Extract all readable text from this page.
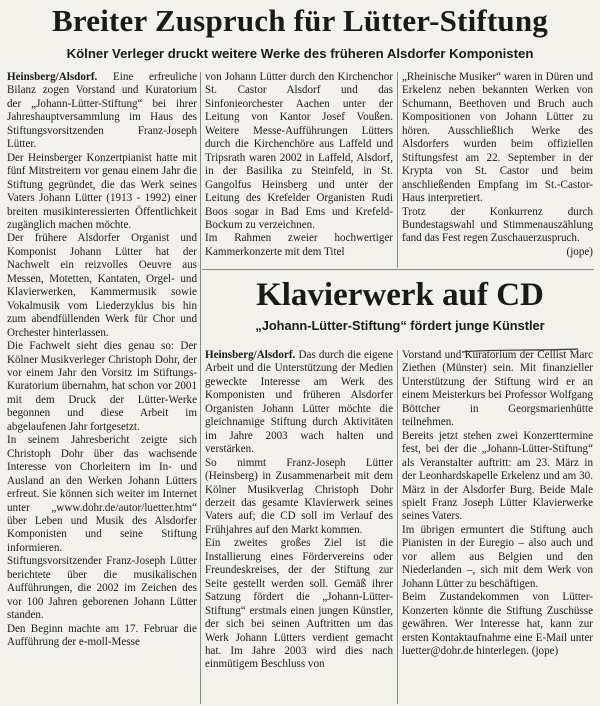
Breiter Zuspruch für Lütter-Stiftung
Kölner Verleger druckt weitere Werke des früheren Alsdorfer Komponisten

Heinsberg/Alsdorf. Eine erfreuliche Bilanz zogen Vorstand und Kuratorium der „Johann-Lütter-Stiftung“ bei ihrer Jahreshauptversammlung im Haus des Stiftungsvorsitzenden Franz-Joseph Lütter.

Der Heinsberger Konzertpianist hatte mit fünf Mitstreitern vor genau einem Jahr die Stiftung gegründet, die das Werk seines Vaters Johann Lütter (1913 - 1992) einer breiten musikinteressierten Öffentlichkeit zugänglich machen möchte.

Der frühere Alsdorfer Organist und Komponist Johann Lütter hat der Nachwelt ein reizvolles Oeuvre aus Messen, Motetten, Kantaten, Orgel- und Klavierwerken, Kammermusik sowie Vokalmusik vom Liederzyklus bis hin zum abendfüllenden Werk für Chor und Orchester hinterlassen.

Die Fachwelt sieht dies genau so: Der Kölner Musikverleger Christoph Dohr, der vor einem Jahr den Vorsitz im Stiftungs-Kuratorium übernahm, hat schon vor 2001 mit dem Druck der Lütter-Werke begonnen und diese Arbeit im abgelaufenen Jahr fortgesetzt.

In seinem Jahresbericht zeigte sich Christoph Dohr über das wachsende Interesse von Chorleitern im In- und Ausland an den Werken Johann Lütters erfreut. Sie können sich weiter im Internet unter „www.dohr.de/autor/luetter.htm“ über Leben und Musik des Alsdorfer Komponisten und seine Stiftung informieren.

Stiftungsvorsitzender Franz-Joseph Lütter berichtete über die musikalischen Aufführungen, die 2002 im Zeichen des vor 100 Jahren geborenen Johann Lütter standen.

Den Beginn machte am 17. Februar die Aufführung der e-moll-Messe

von Johann Lütter durch den Kirchenchor St. Castor Alsdorf und das Sinfonieorchester Aachen unter der Leitung von Kantor Josef Voußen. Weitere Messe-Aufführungen Lütters durch die Kirchenchöre aus Laffeld und Tripsrath waren 2002 in Laffeld, Alsdorf, in der Basilika zu Steinfeld, in St. Gangolfus Heinsberg und unter der Leitung des Krefelder Organisten Rudi Boos sogar in Bad Ems und Krefeld-Bockum zu verzeichnen.

Im Rahmen zweier hochwertiger Kammerkonzerte mit dem Titel

„Rheinische Musiker“ waren in Düren und Erkelenz neben bekannten Werken von Schumann, Beethoven und Bruch auch Kompositionen von Johann Lütter zu hören. Ausschließlich Werke des Alsdorfers wurden beim offiziellen Stiftungsfest am 22. September in der Krypta von St. Castor und beim anschließenden Empfang im St.-Castor-Haus interpretiert.

Trotz der Konkurrenz durch Bundestagswahl und Stimmenauszählung fand das Fest regen Zuschauerzuspruch.

(jope)

Klavierwerk auf CD
„Johann-Lütter-Stiftung“ fördert junge Künstler

Heinsberg/Alsdorf. Das durch die eigene Arbeit und die Unterstützung der Medien geweckte Interesse am Werk des Komponisten und früheren Alsdorfer Organisten Johann Lütter möchte die gleichnamige Stiftung durch Aktivitäten im Jahre 2003 wach halten und verstärken.

So nimmt Franz-Joseph Lütter (Heinsberg) in Zusammenarbeit mit dem Kölner Musikverlag Christoph Dohr derzeit das gesamte Klavierwerk seines Vaters auf; die CD soll im Verlauf des Frühjahres auf den Markt kommen.

Ein zweites großes Ziel ist die Installierung eines Fördervereins oder Freundeskreises, der der Stiftung zur Seite gestellt werden soll. Gemäß ihrer Satzung fördert die „Johann-Lütter-Stiftung“ erstmals einen jungen Künstler, der sich bei seinen Auftritten um das Werk Johann Lütters verdient gemacht hat. Im Jahre 2003 wird dies nach einmütigem Beschluss von

Vorstand und Kuratorium der Cellist Marc Ziethen (Münster) sein. Mit finanzieller Unterstützung der Stiftung wird er an einem Meisterkurs bei Professor Wolfgang Böttcher in Georgsmarienhütte teilnehmen.

Bereits jetzt stehen zwei Konzerttermine fest, bei der die „Johann-Lütter-Stiftung“ als Veranstalter auftritt: am 23. März in der Leonhardskapelle Erkelenz und am 30. März in der Alsdorfer Burg. Beide Male spielt Franz Joseph Lütter Klavierwerke seines Vaters.

Im übrigen ermuntert die Stiftung auch Pianisten in der Euregio – also auch und vor allem aus Belgien und den Niederlanden –, sich mit dem Werk von Johann Lütter zu beschäftigen.

Beim Zustandekommen von Lütter-Konzerten könnte die Stiftung Zuschüsse gewähren. Wer Interesse hat, kann zur ersten Kontaktaufnahme eine E-Mail unter luetter@dohr.de hinterlegen. (jope)
